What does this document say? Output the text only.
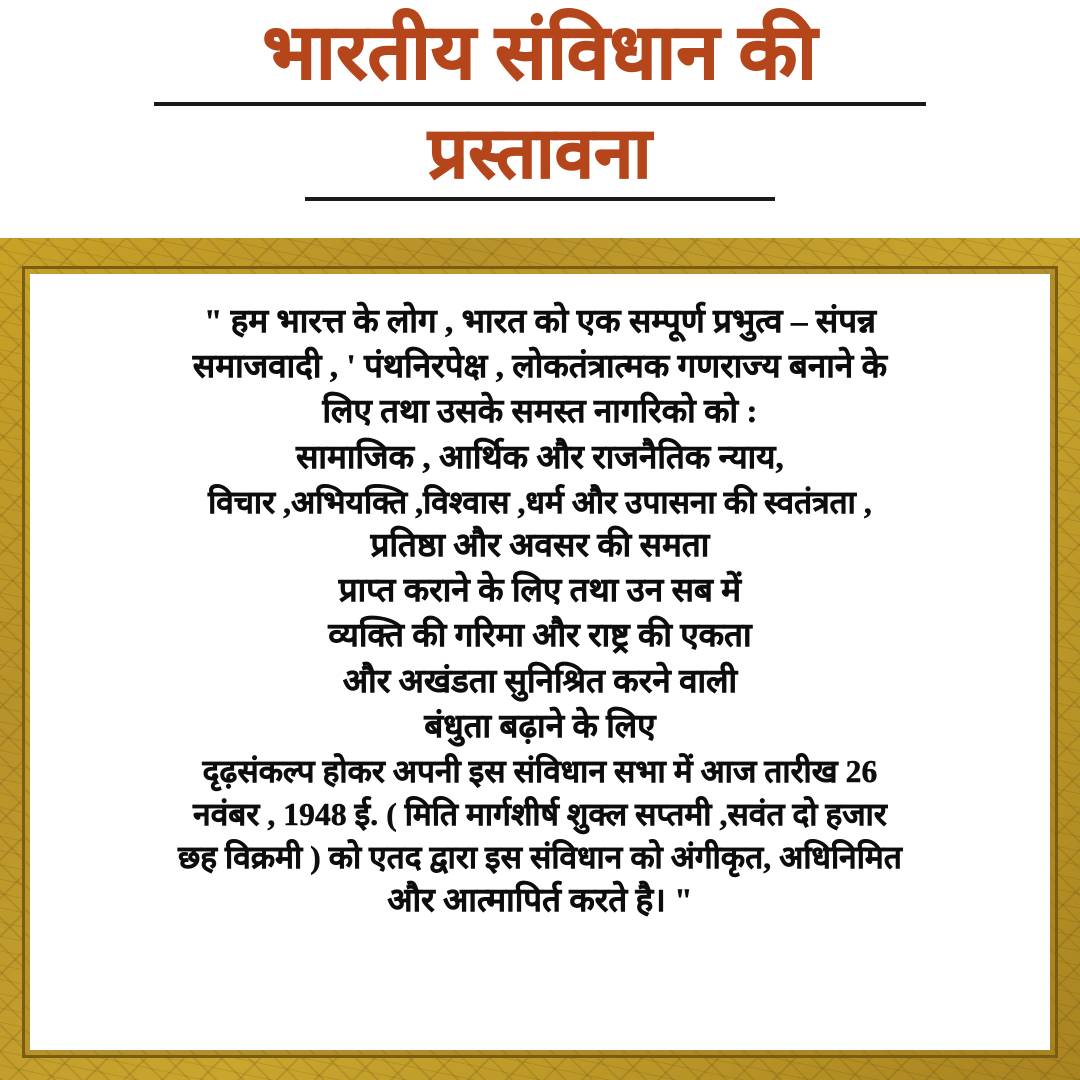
भारतीय संविधान की
प्रस्तावना
" हम भारत्त के लोग , भारत को एक सम्पूर्ण प्रभुत्व – संपन्न
समाजवादी , ' पंथनिरपेक्ष , लोकतंत्रात्मक गणराज्य बनाने के
लिए तथा उसके समस्त नागरिको को :
सामाजिक , आर्थिक और राजनैतिक न्याय,
विचार ,अभियक्ति ,विश्वास ,धर्म और उपासना की स्वतंत्रता ,
प्रतिष्ठा और अवसर की समता
प्राप्त कराने के लिए तथा उन सब में
व्यक्ति की गरिमा और राष्ट्र की एकता
और अखंडता सुनिश्रित करने वाली
बंधुता बढ़ाने के लिए
दृढ़संकल्प होकर अपनी इस संविधान सभा में आज तारीख 26
नवंबर , 1948 ई. ( मिति मार्गशीर्ष शुक्ल सप्तमी ,सवंत दो हजार
छह विक्रमी ) को एतद द्वारा इस संविधान को अंगीकृत, अधिनिमित
और आत्मापिर्त करते है। "
